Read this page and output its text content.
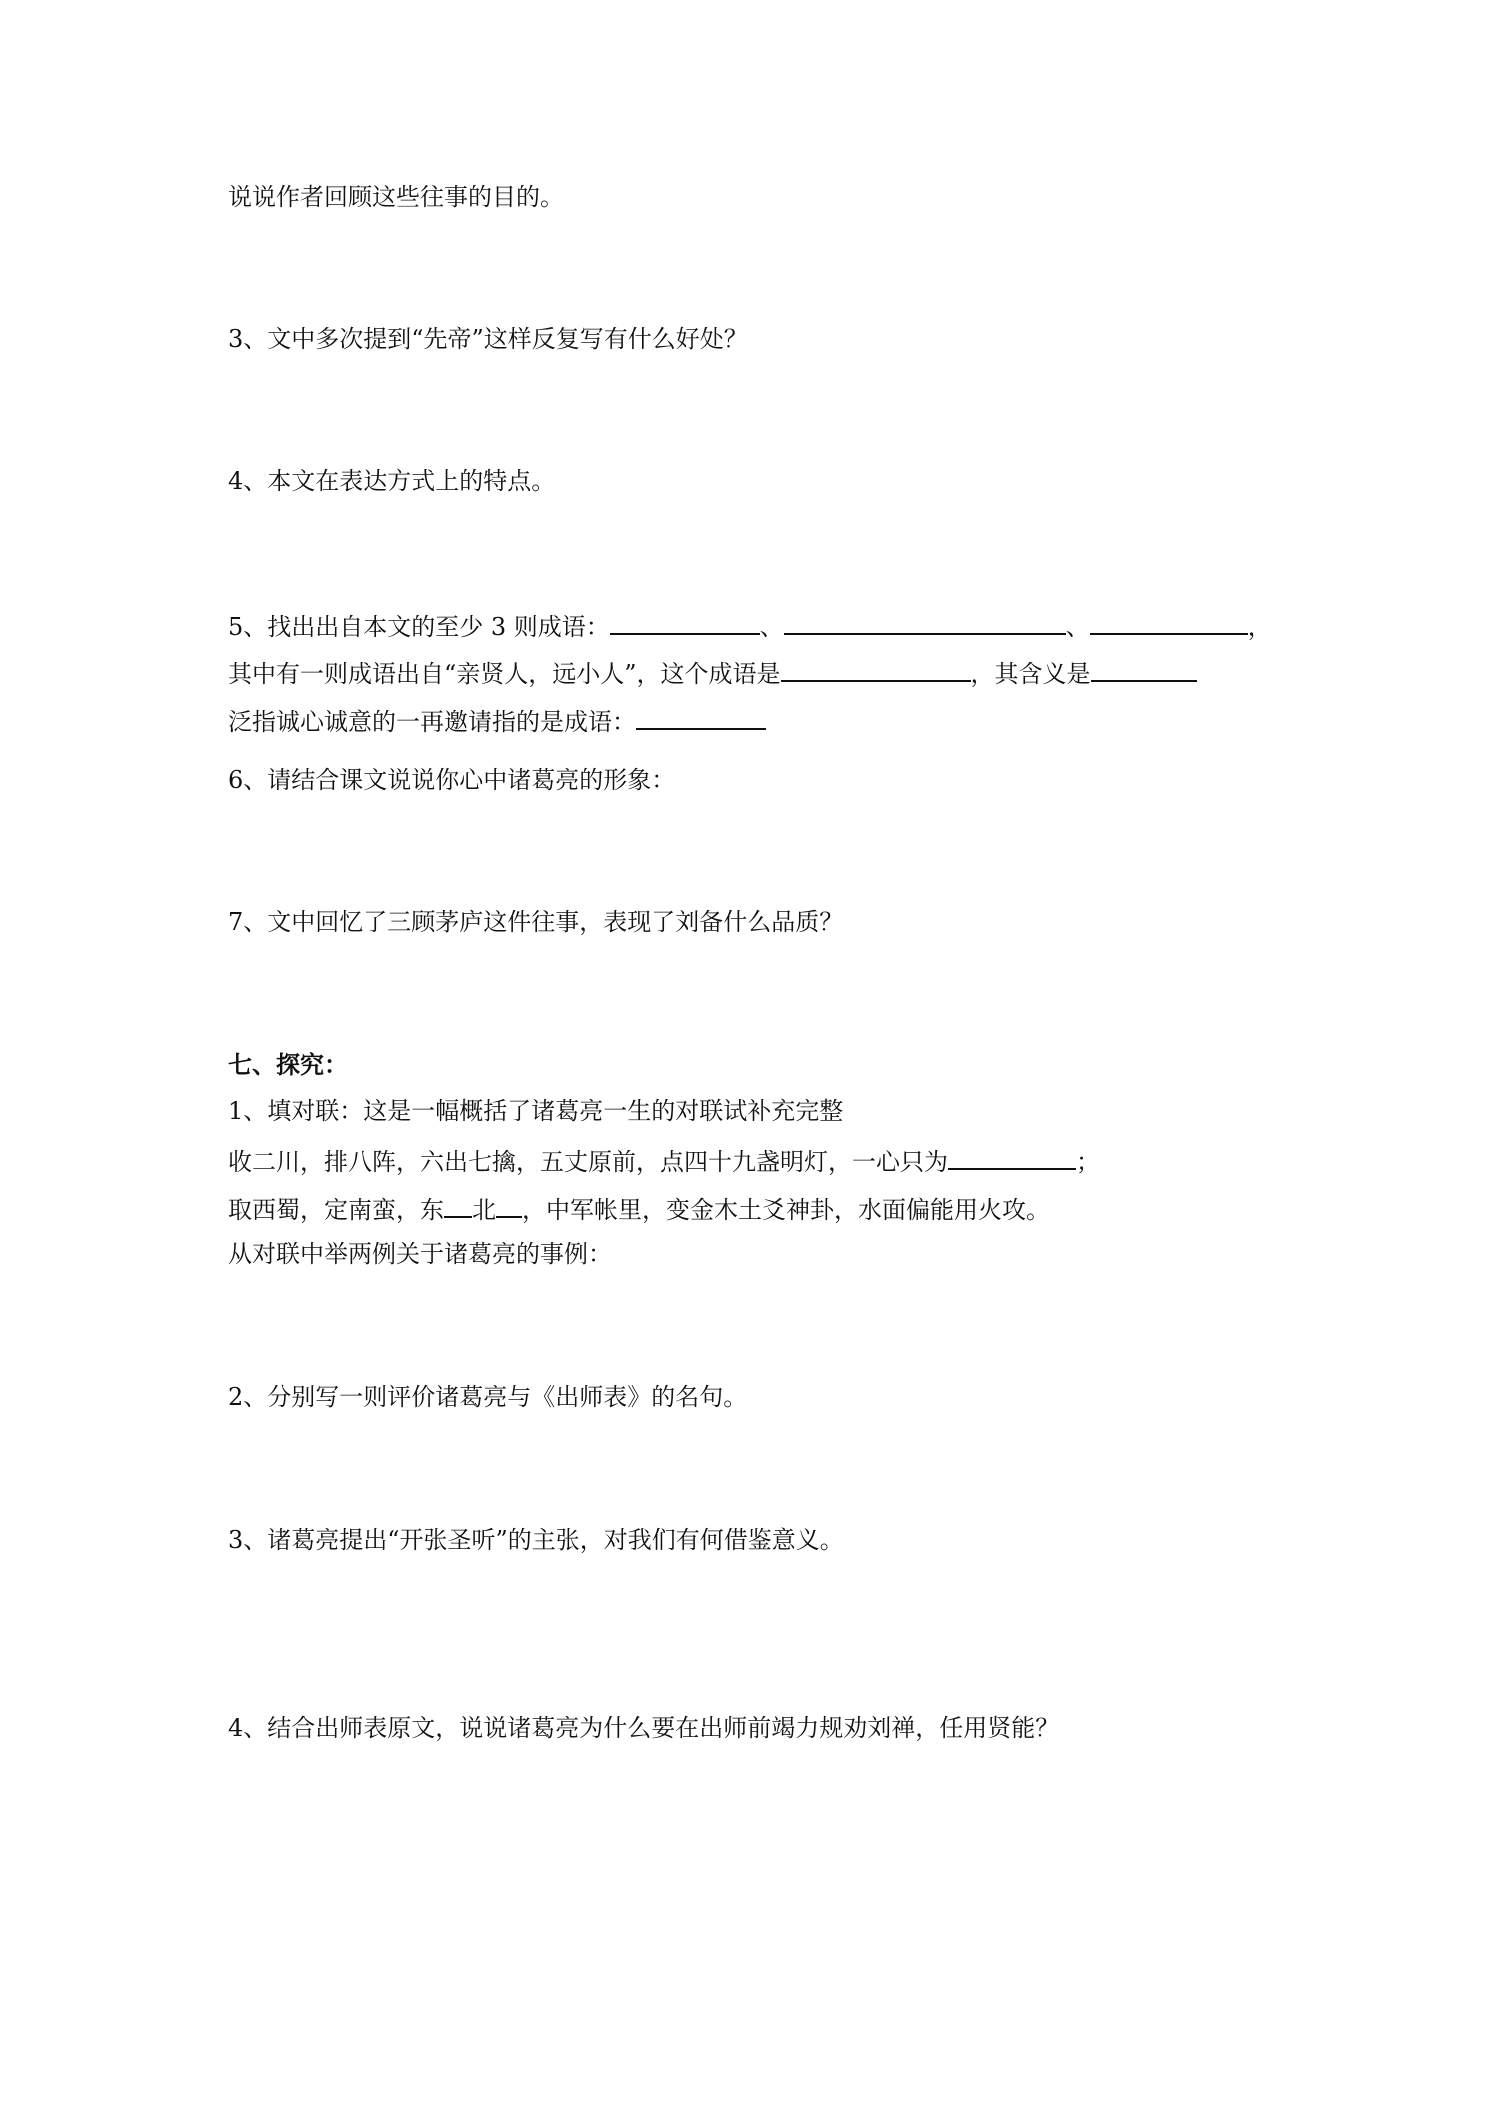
说说作者回顾这些往事的目的。
3、文中多次提到“先帝”这样反复写有什么好处？
4、本文在表达方式上的特点。
5、找出出自本文的至少 3 则成语：	、	、	，
其中有一则成语出自“亲贤人，远小人”，这个成语是	，其含义是
泛指诚心诚意的一再邀请指的是成语：
6、请结合课文说说你心中诸葛亮的形象：
7、文中回忆了三顾茅庐这件往事，表现了刘备什么品质？
七、探究：
1、填对联：这是一幅概括了诸葛亮一生的对联试补充完整
收二川，排八阵，六出七擒，五丈原前，点四十九盏明灯，一心只为	；
取西蜀，定南蛮，东 北 ，中军帐里，变金木土爻神卦，水面偏能用火攻。
从对联中举两例关于诸葛亮的事例：
2、分别写一则评价诸葛亮与《出师表》的名句。
3、诸葛亮提出“开张圣听”的主张，对我们有何借鉴意义。
4、结合出师表原文，说说诸葛亮为什么要在出师前竭力规劝刘禅，任用贤能？
